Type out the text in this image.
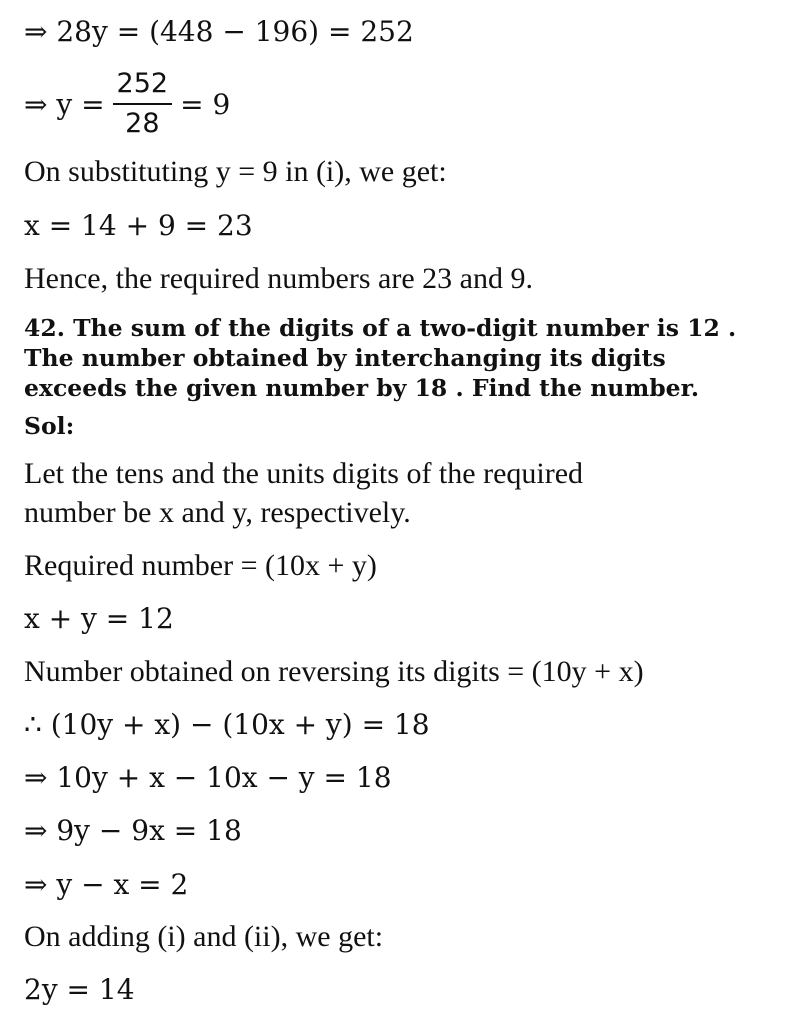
⇒ 28y = (448 − 196) = 252
⇒ $y = \frac{252}{28} = 9$
On substituting y = 9 in (i), we get:
x = 14 + 9 = 23
Hence, the required numbers are 23 and 9.
42. The sum of the digits of a two-digit number is 12 .
The number obtained by interchanging its digits
exceeds the given number by 18 . Find the number.
Sol:
Let the tens and the units digits of the required
number be x and y, respectively.
Required number = (10x + y)
x + y = 12
Number obtained on reversing its digits = (10y + x)
∴ (10y + x) − (10x + y) = 18
⇒ 10y + x − 10x − y = 18
⇒ 9y − 9x = 18
⇒ y − x = 2
On adding (i) and (ii), we get:
2y = 14
